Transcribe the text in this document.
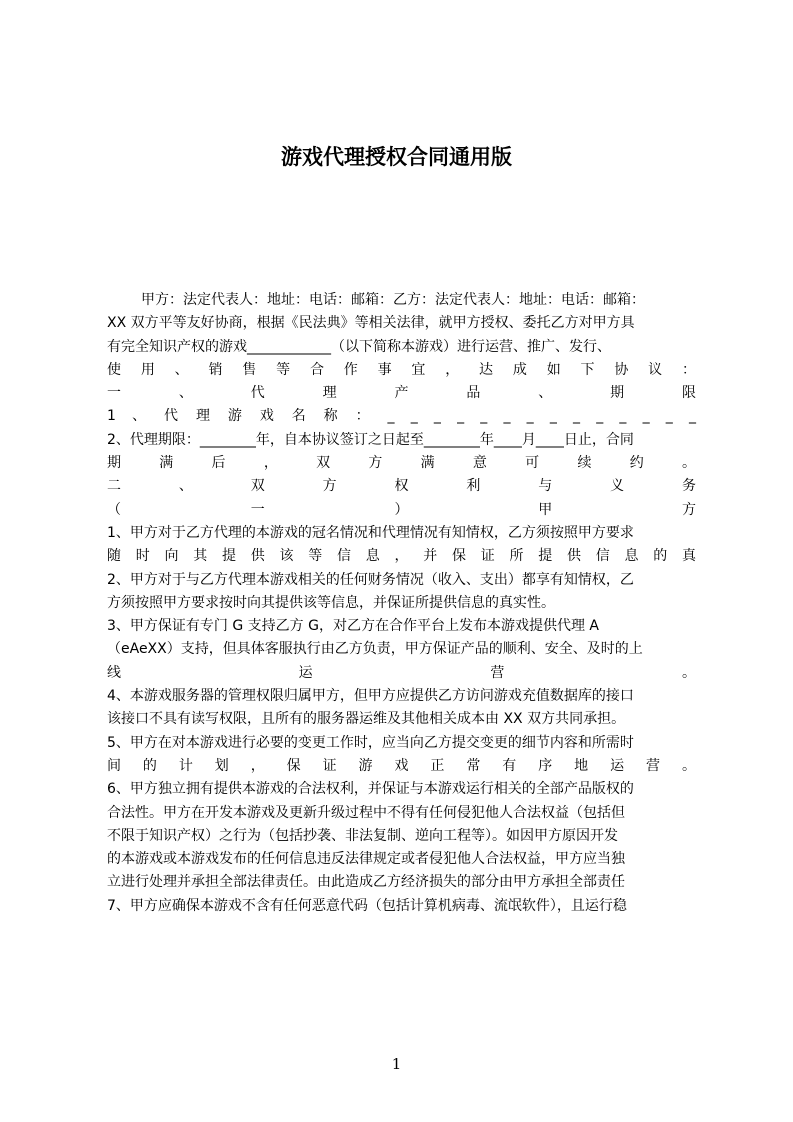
游戏代理授权合同通用版
甲方：法定代表人：地址：电话：邮箱：乙方：法定代表人：地址：电话：邮箱：
XX 双方平等友好协商，根据《民法典》等相关法律，就甲方授权、委托乙方对甲方具
有完全知识产权的游戏____________（以下简称本游戏）进行运营、推广、发行、
使 用 、 销 售 等 合 作 事 宜 ， 达 成 如 下 协 议 ：
一 、 代 理 产 品 、 期 限
1 、 代 理 游 戏 名 称 ： _ _ _ _ _ _ _ _ _ _ _ _ _ _
2、代理期限：________年，自本协议签订之日起至________年____月____日止，合同
期 满 后 ， 双 方 满 意 可 续 约 。
二 、 双 方 权 利 与 义 务
（ 一 ） 甲 方
1、甲方对于乙方代理的本游戏的冠名情况和代理情况有知情权，乙方须按照甲方要求
随 时 向 其 提 供 该 等 信 息 ， 并 保 证 所 提 供 信 息 的 真
2、甲方对于与乙方代理本游戏相关的任何财务情况（收入、支出）都享有知情权，乙
方须按照甲方要求按时向其提供该等信息，并保证所提供信息的真实性。
3、甲方保证有专门 G 支持乙方 G，对乙方在合作平台上发布本游戏提供代理 A
（eAeXX）支持，但具体客服执行由乙方负责，甲方保证产品的顺利、安全、及时的上
线 运 营 。
4、本游戏服务器的管理权限归属甲方，但甲方应提供乙方访问游戏充值数据库的接口
该接口不具有读写权限，且所有的服务器运维及其他相关成本由 XX 双方共同承担。
5、甲方在对本游戏进行必要的变更工作时，应当向乙方提交变更的细节内容和所需时
间 的 计 划 ， 保 证 游 戏 正 常 有 序 地 运 营 。
6、甲方独立拥有提供本游戏的合法权利，并保证与本游戏运行相关的全部产品版权的
合法性。甲方在开发本游戏及更新升级过程中不得有任何侵犯他人合法权益（包括但
不限于知识产权）之行为（包括抄袭、非法复制、逆向工程等）。如因甲方原因开发
的本游戏或本游戏发布的任何信息违反法律规定或者侵犯他人合法权益，甲方应当独
立进行处理并承担全部法律责任。由此造成乙方经济损失的部分由甲方承担全部责任
7、甲方应确保本游戏不含有任何恶意代码（包括计算机病毒、流氓软件），且运行稳
1
